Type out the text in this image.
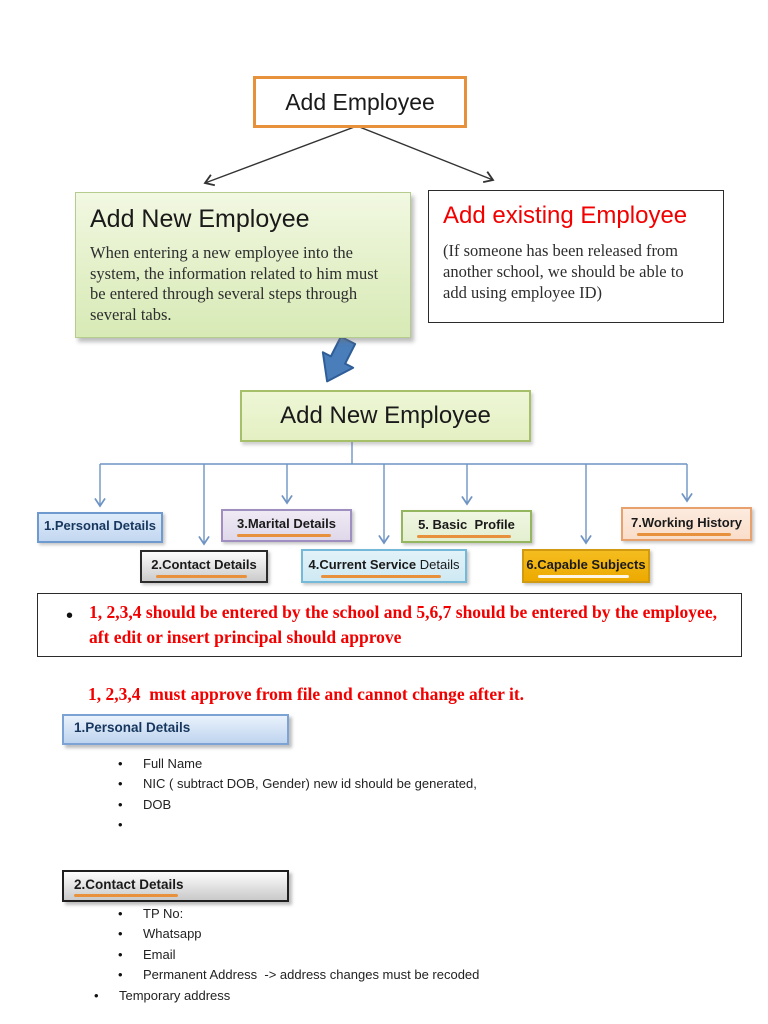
Add Employee
Add New Employee
When entering a new employee into the system, the information related to him must be entered through several steps through several tabs.
Add existing Employee
(If someone has been released from another school, we should be able to add using employee ID)
Add New Employee
1.Personal Details
2.Contact Details
3.Marital Details
4.Current Service Details
5. Basic  Profile
6.Capable Subjects
7.Working History
• 1, 2,3,4 should be entered by the school and 5,6,7 should be entered by the employee, aft edit or insert principal should approve
1, 2,3,4  must approve from file and cannot change after it.
1.Personal Details
• Full Name
• NIC ( subtract DOB, Gender) new id should be generated,
• DOB
•
2.Contact Details
• TP No:
• Whatsapp
• Email
• Permanent Address  -> address changes must be recoded
• Temporary address
